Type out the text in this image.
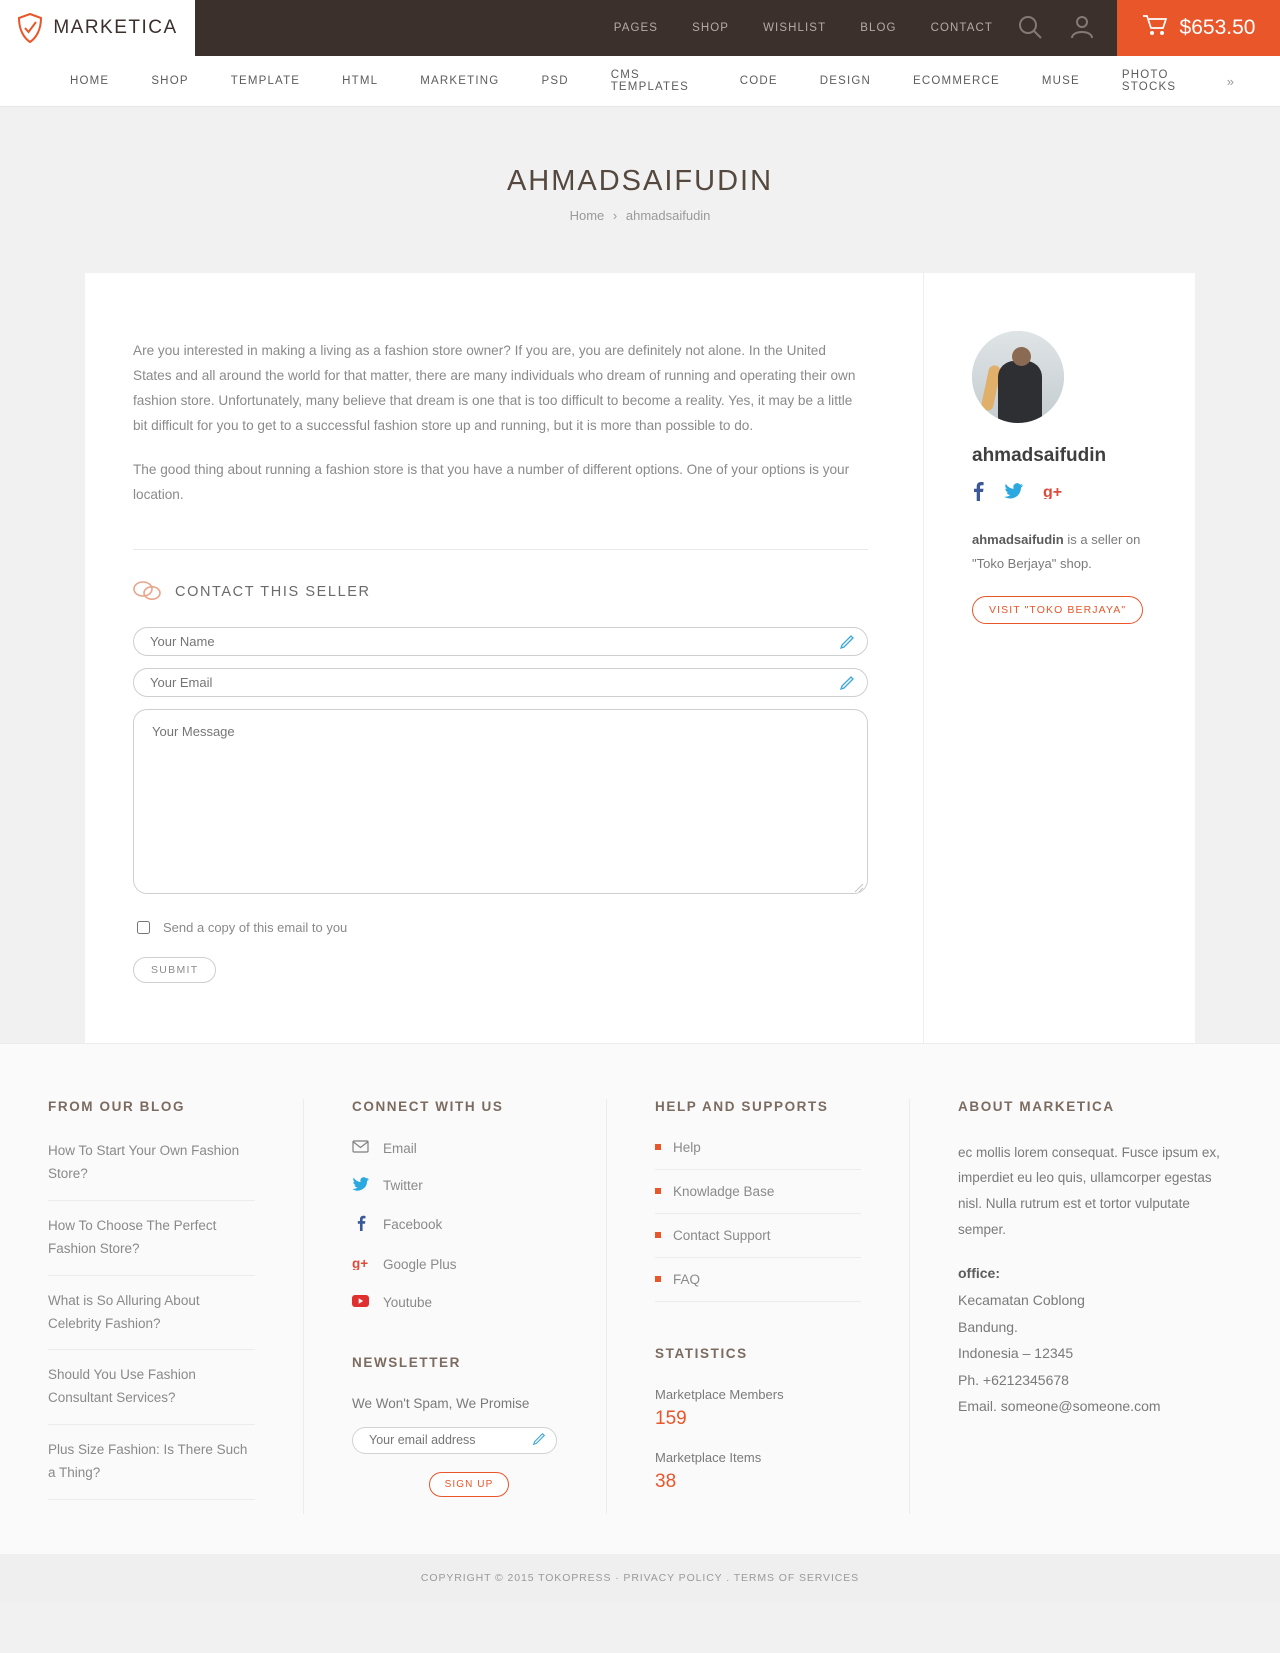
MARKETICA	PAGES	SHOP	WISHLIST	BLOG	CONTACT	$653.50
HOME	SHOP	TEMPLATE	HTML	MARKETING	PSD	CMS TEMPLATES	CODE	DESIGN	ECOMMERCE	MUSE	PHOTO STOCKS	»
AHMADSAIFUDIN
Home › ahmadsaifudin

Are you interested in making a living as a fashion store owner? If you are, you are definitely not alone. In the United States and all around the world for that matter, there are many individuals who dream of running and operating their own fashion store. Unfortunately, many believe that dream is one that is too difficult to become a reality. Yes, it may be a little bit difficult for you to get to a successful fashion store up and running, but it is more than possible to do.

The good thing about running a fashion store is that you have a number of different options. One of your options is your location.

CONTACT THIS SELLER
Your Name
Your Email
Your Message
Send a copy of this email to you
SUBMIT
ahmadsaifudin
g+

ahmadsaifudin is a seller on "Toko Berjaya" shop.

VISIT "TOKO BERJAYA"
FROM OUR BLOG
How To Start Your Own Fashion Store?
How To Choose The Perfect Fashion Store?
What is So Alluring About Celebrity Fashion?
Should You Use Fashion Consultant Services?
Plus Size Fashion: Is There Such a Thing?
CONNECT WITH US
Email
Twitter
Facebook
g+ Google Plus
Youtube
NEWSLETTER

We Won't Spam, We Promise

Your email address
SIGN UP
HELP AND SUPPORTS
Help
Knowladge Base
Contact Support
FAQ
STATISTICS

Marketplace Members

159

Marketplace Items

38

ABOUT MARKETICA

ec mollis lorem consequat. Fusce ipsum ex, imperdiet eu leo quis, ullamcorper egestas nisl. Nulla rutrum est et tortor vulputate semper.

office:
Kecamatan Coblong
Bandung.
Indonesia – 12345
Ph. +6212345678
Email. someone@someone.com
COPYRIGHT © 2015 TOKOPRESS · PRIVACY POLICY . TERMS OF SERVICES
